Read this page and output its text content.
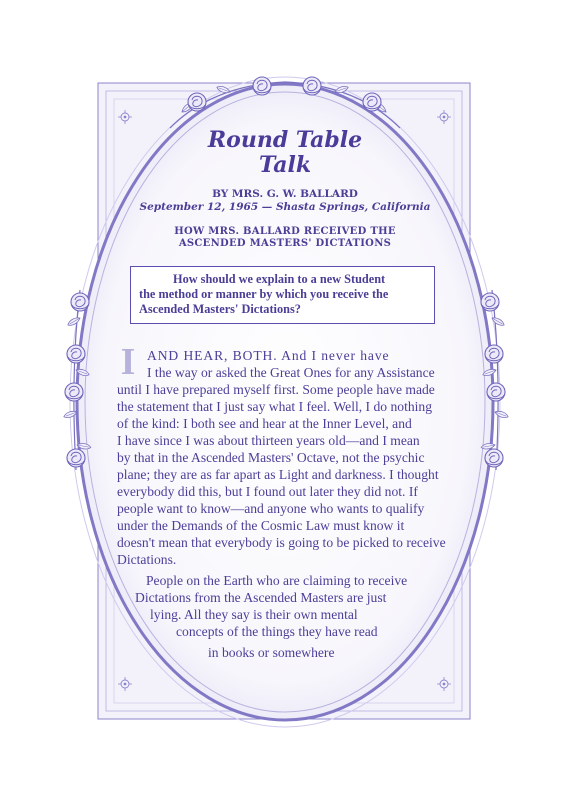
Round Table
Talk
BY MRS. G. W. BALLARD
September 12, 1965 — Shasta Springs, California
HOW MRS. BALLARD RECEIVED THE
ASCENDED MASTERS' DICTATIONS
How should we explain to a new Student
the method or manner by which you receive the
Ascended Masters' Dictations?
I AND HEAR, BOTH. And I never have
I the way or asked the Great Ones for any Assistance
until I have prepared myself first. Some people have made
the statement that I just say what I feel. Well, I do nothing
of the kind: I both see and hear at the Inner Level, and
I have since I was about thirteen years old—and I mean
by that in the Ascended Masters' Octave, not the psychic
plane; they are as far apart as Light and darkness. I thought
everybody did this, but I found out later they did not. If
people want to know—and anyone who wants to qualify
under the Demands of the Cosmic Law must know it
doesn't mean that everybody is going to be picked to receive
Dictations.
People on the Earth who are claiming to receive
Dictations from the Ascended Masters are just
lying. All they say is their own mental
concepts of the things they have read
in books or somewhere
